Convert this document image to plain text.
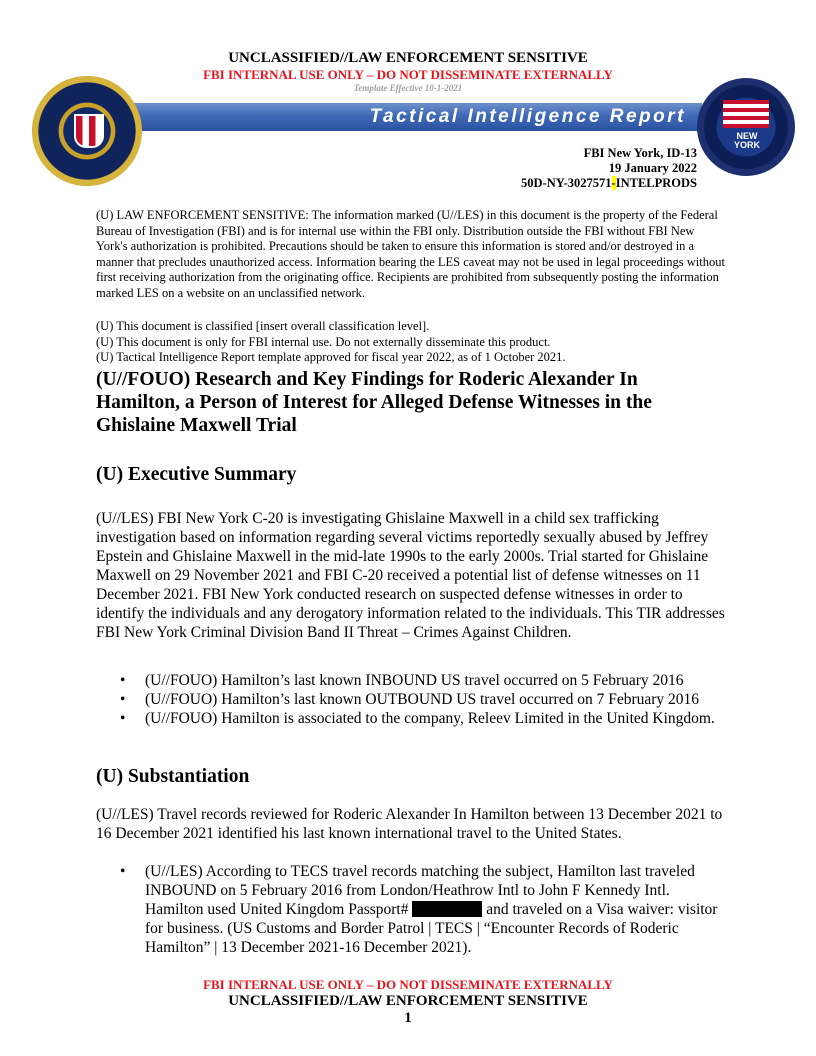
UNCLASSIFIED//LAW ENFORCEMENT SENSITIVE
FBI INTERNAL USE ONLY – DO NOT DISSEMINATE EXTERNALLY
Template Effective 10-1-2021
Tactical Intelligence Report
NEW YORK
FBI New York, ID-13
19 January 2022
50D-NY-3027571-INTELPRODS
(U) LAW ENFORCEMENT SENSITIVE: The information marked (U//LES) in this document is the property of the Federal Bureau of Investigation (FBI) and is for internal use within the FBI only. Distribution outside the FBI without FBI New York's authorization is prohibited. Precautions should be taken to ensure this information is stored and/or destroyed in a manner that precludes unauthorized access. Information bearing the LES caveat may not be used in legal proceedings without first receiving authorization from the originating office. Recipients are prohibited from subsequently posting the information marked LES on a website on an unclassified network.
(U) This document is classified [insert overall classification level].
(U) This document is only for FBI internal use. Do not externally disseminate this product.
(U) Tactical Intelligence Report template approved for fiscal year 2022, as of 1 October 2021.
(U//FOUO) Research and Key Findings for Roderic Alexander In Hamilton, a Person of Interest for Alleged Defense Witnesses in the Ghislaine Maxwell Trial
(U) Executive Summary
(U//LES) FBI New York C-20 is investigating Ghislaine Maxwell in a child sex trafficking investigation based on information regarding several victims reportedly sexually abused by Jeffrey Epstein and Ghislaine Maxwell in the mid-late 1990s to the early 2000s. Trial started for Ghislaine Maxwell on 29 November 2021 and FBI C-20 received a potential list of defense witnesses on 11 December 2021. FBI New York conducted research on suspected defense witnesses in order to identify the individuals and any derogatory information related to the individuals. This TIR addresses FBI New York Criminal Division Band II Threat – Crimes Against Children.
• (U//FOUO) Hamilton’s last known INBOUND US travel occurred on 5 February 2016
• (U//FOUO) Hamilton’s last known OUTBOUND US travel occurred on 7 February 2016
• (U//FOUO) Hamilton is associated to the company, Releev Limited in the United Kingdom.
(U) Substantiation
(U//LES) Travel records reviewed for Roderic Alexander In Hamilton between 13 December 2021 to 16 December 2021 identified his last known international travel to the United States.
• (U//LES) According to TECS travel records matching the subject, Hamilton last traveled INBOUND on 5 February 2016 from London/Heathrow Intl to John F Kennedy Intl. Hamilton used United Kingdom Passport#	and traveled on a Visa waiver: visitor for business. (US Customs and Border Patrol | TECS | “Encounter Records of Roderic Hamilton” | 13 December 2021-16 December 2021).
FBI INTERNAL USE ONLY – DO NOT DISSEMINATE EXTERNALLY
UNCLASSIFIED//LAW ENFORCEMENT SENSITIVE
1
